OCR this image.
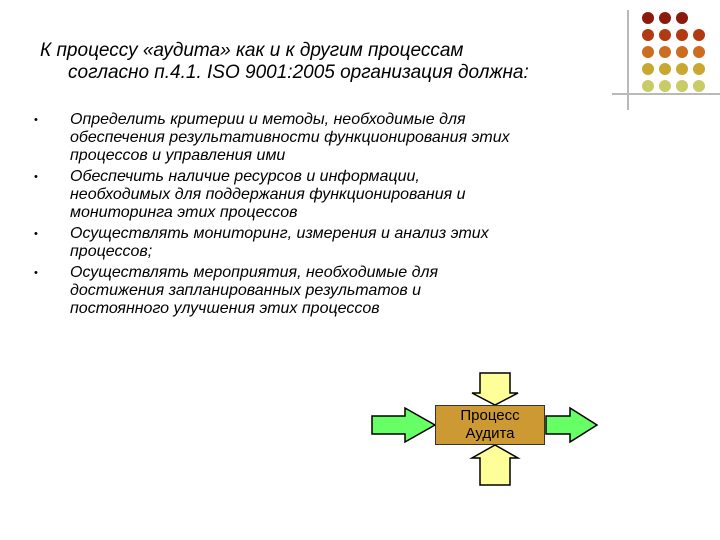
К процессу «аудита» как и к другим процессам
согласно п.4.1. ISO 9001:2005 организация должна:
• Определить критерии и методы, необходимые для
обеспечения результативности функционирования этих
процессов и управления ими
• Обеспечить наличие ресурсов и информации,
необходимых для поддержания функционирования и
мониторинга этих процессов
• Осуществлять мониторинг, измерения и анализ этих
процессов;
• Осуществлять мероприятия, необходимые для
достижения запланированных результатов и
постоянного улучшения этих процессов
Процесс
Аудита
